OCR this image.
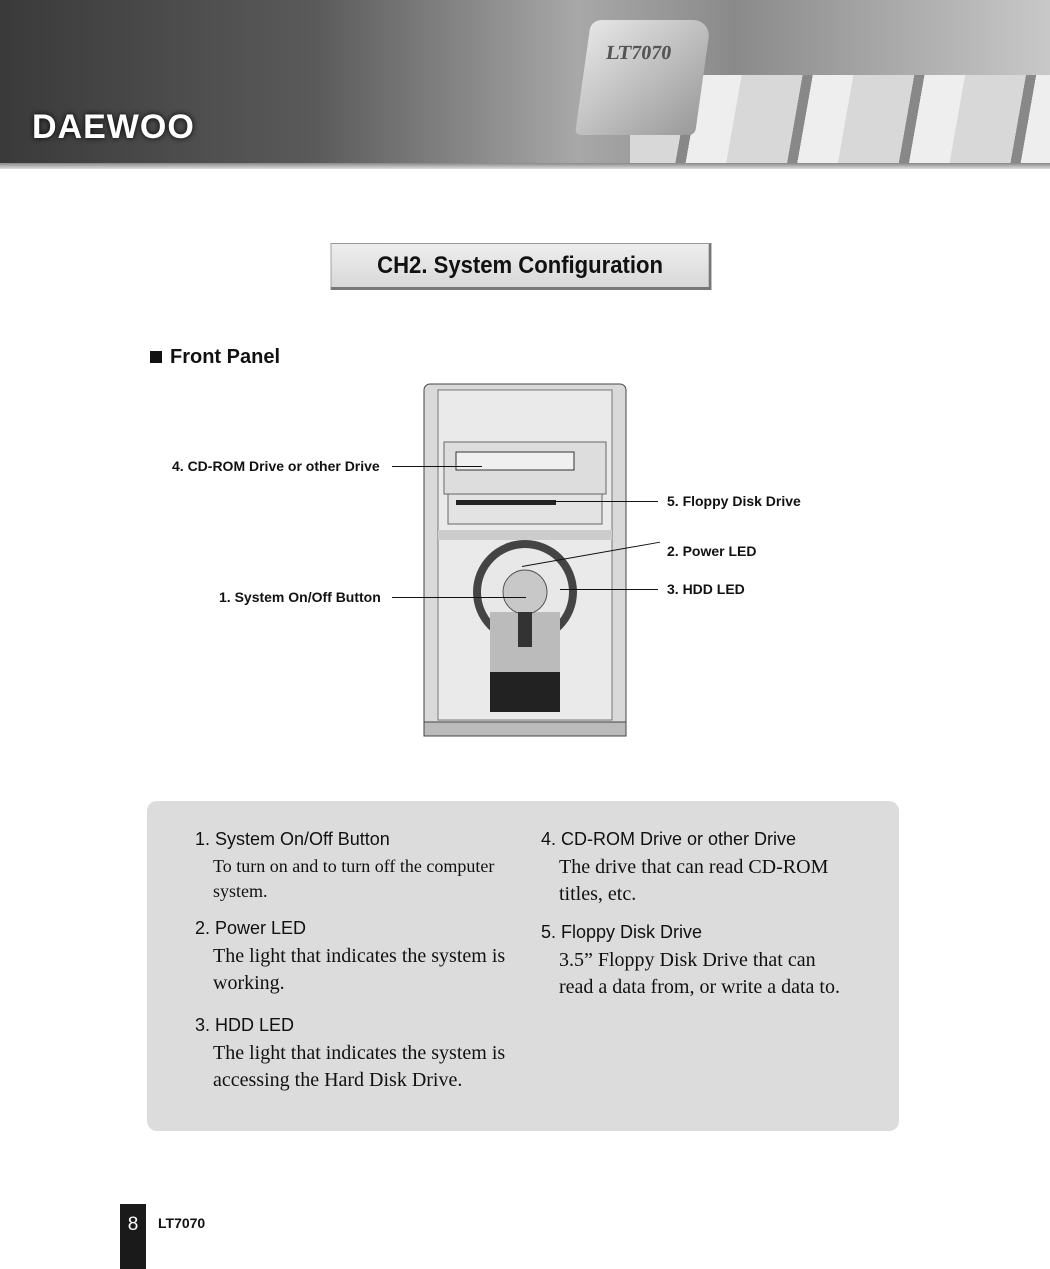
LT7070
DAEWOO
CH2. System Configuration
Front Panel
4. CD-ROM Drive or other Drive
1. System On/Off Button
5. Floppy Disk Drive
2. Power LED
3. HDD LED
1. System On/Off Button

To turn on and to turn off the computer system.

2. Power LED

The light that indicates the system is working.

3. HDD LED

The light that indicates the system is accessing the Hard Disk Drive.

4. CD-ROM Drive or other Drive

The drive that can read CD-ROM titles, etc.

5. Floppy Disk Drive

3.5” Floppy Disk Drive that can read a data from, or write a data to.

8	LT7070
